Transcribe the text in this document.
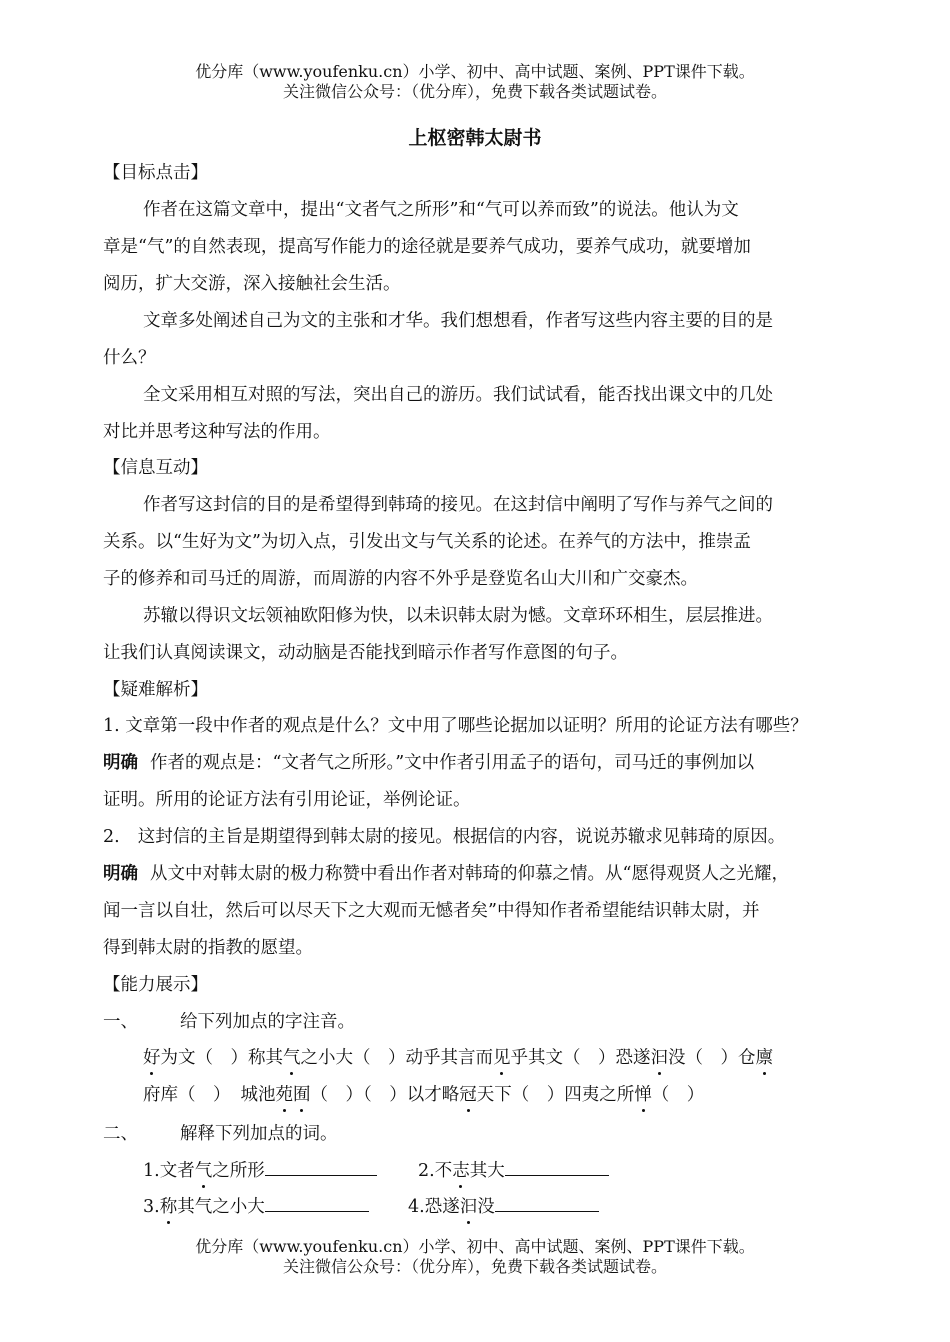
优分库（www.youfenku.cn）小学、初中、高中试题、案例、PPT课件下载。
关注微信公众号：（优分库），免费下载各类试题试卷。
上枢密韩太尉书
【目标点击】
作者在这篇文章中，提出“文者气之所形”和“气可以养而致”的说法。他认为文
章是“气”的自然表现，提高写作能力的途径就是要养气成功，要养气成功，就要增加
阅历，扩大交游，深入接触社会生活。
文章多处阐述自己为文的主张和才华。我们想想看，作者写这些内容主要的目的是
什么？
全文采用相互对照的写法，突出自己的游历。我们试试看，能否找出课文中的几处
对比并思考这种写法的作用。
【信息互动】
作者写这封信的目的是希望得到韩琦的接见。在这封信中阐明了写作与养气之间的
关系。以“生好为文”为切入点，引发出文与气关系的论述。在养气的方法中，推崇孟
子的修养和司马迁的周游，而周游的内容不外乎是登览名山大川和广交豪杰。
苏辙以得识文坛领袖欧阳修为快，以未识韩太尉为憾。文章环环相生，层层推进。
让我们认真阅读课文，动动脑是否能找到暗示作者写作意图的句子。
【疑难解析】
1. 文章第一段中作者的观点是什么？文中用了哪些论据加以证明？所用的论证方法有哪些？
明确 作者的观点是：“文者气之所形。”文中作者引用孟子的语句，司马迁的事例加以
证明。所用的论证方法有引用论证，举例论证。
2. 这封信的主旨是期望得到韩太尉的接见。根据信的内容，说说苏辙求见韩琦的原因。
明确 从文中对韩太尉的极力称赞中看出作者对韩琦的仰慕之情。从“愿得观贤人之光耀，
闻一言以自壮，然后可以尽天下之大观而无憾者矣”中得知作者希望能结识韩太尉，并
得到韩太尉的指教的愿望。
【能力展示】
一、 给下列加点的字注音。
好为文（　）称其气之小大（　）动乎其言而见乎其文（　）恐遂汩没（　）仓廪
府库（　） 城池苑囿（　）（　）以才略冠天下（　）四夷之所惮（　）
二、 解释下列加点的词。
1.文者气之所形	2.不志其大
3.称其气之小大	4.恐遂汩没
优分库（www.youfenku.cn）小学、初中、高中试题、案例、PPT课件下载。
关注微信公众号：（优分库），免费下载各类试题试卷。
